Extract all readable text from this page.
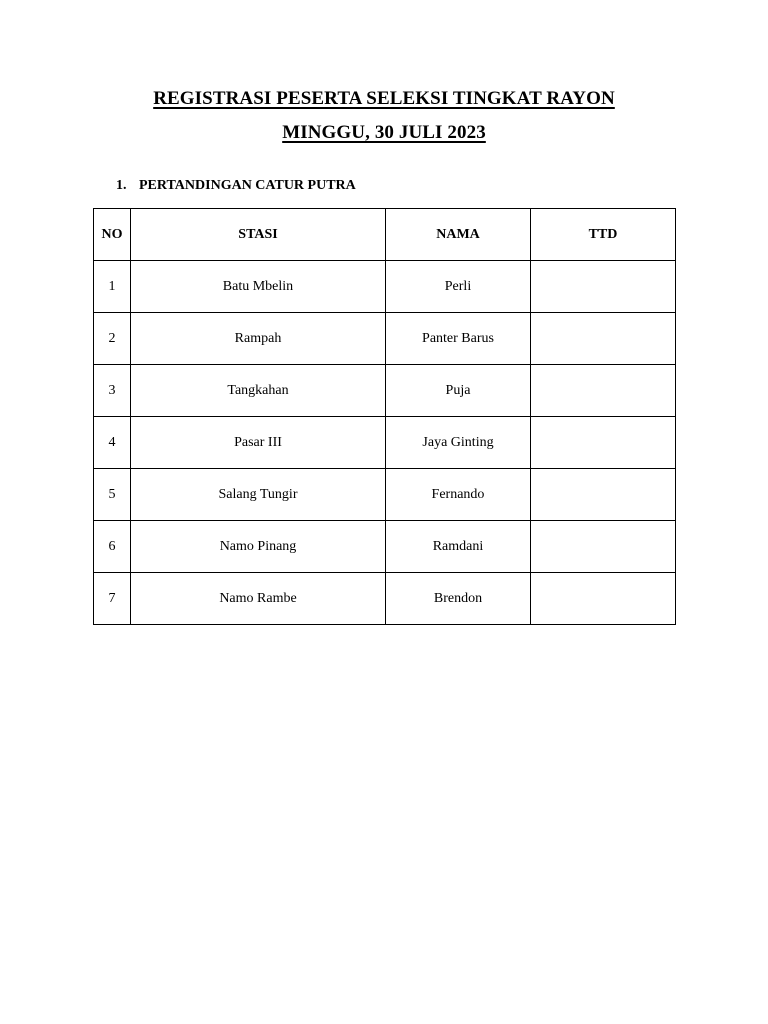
REGISTRASI PESERTA SELEKSI TINGKAT RAYON
MINGGU, 30 JULI 2023
1. PERTANDINGAN CATUR PUTRA
NO	STASI	NAMA	TTD
1	Batu Mbelin	Perli	
2	Rampah	Panter Barus	
3	Tangkahan	Puja	
4	Pasar III	Jaya Ginting	
5	Salang Tungir	Fernando	
6	Namo Pinang	Ramdani	
7	Namo Rambe	Brendon	
